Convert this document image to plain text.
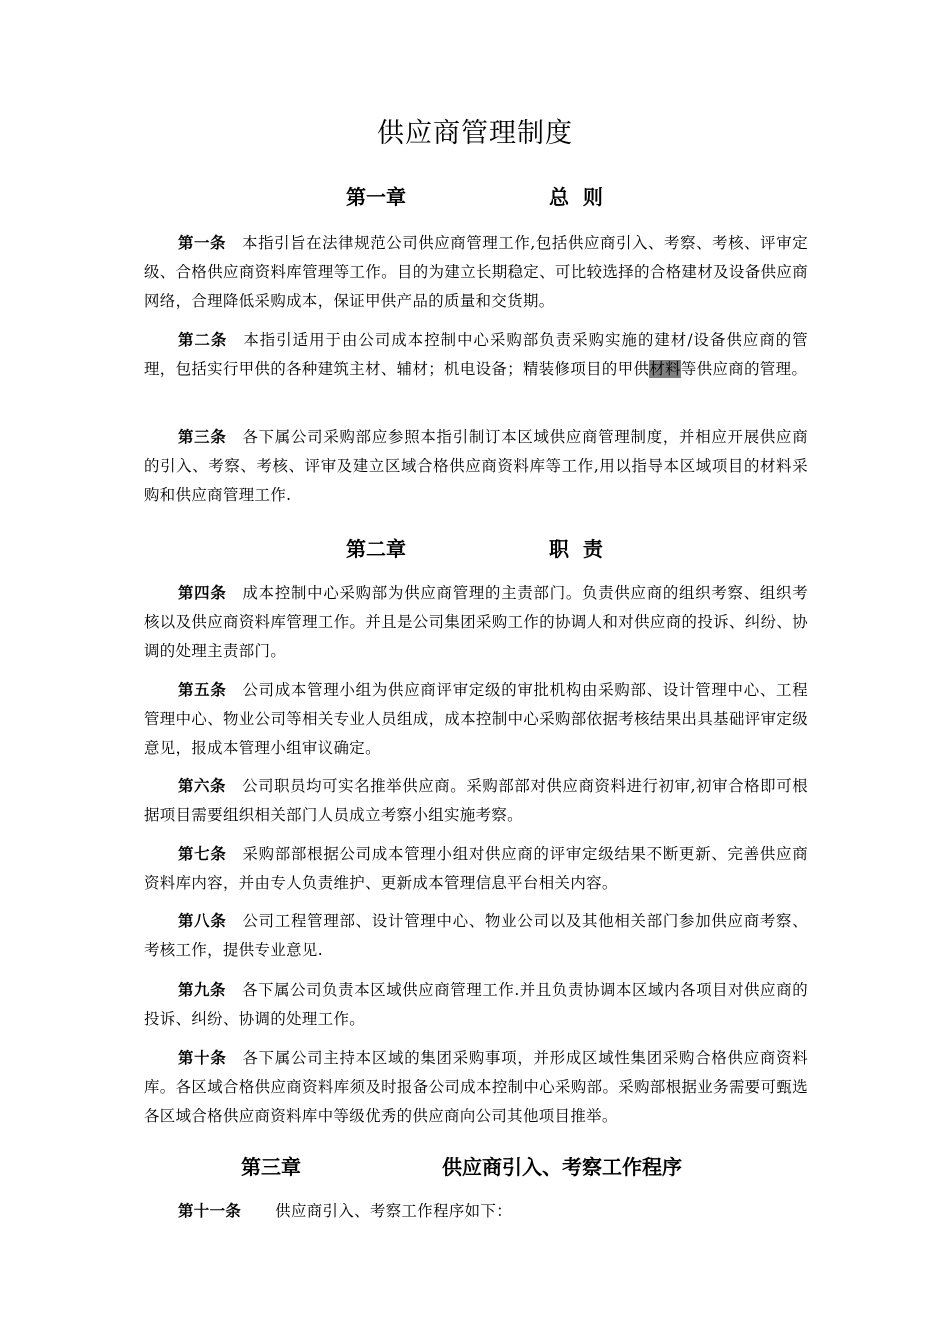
供应商管理制度
第一章	总  则

第一条 本指引旨在法律规范公司供应商管理工作,包括供应商引入、考察、考核、评审定级、合格供应商资料库管理等工作。目的为建立长期稳定、可比较选择的合格建材及设备供应商网络，合理降低采购成本，保证甲供产品的质量和交货期。

第二条 本指引适用于由公司成本控制中心采购部负责采购实施的建材/设备供应商的管理，包括实行甲供的各种建筑主材、辅材；机电设备；精装修项目的甲供材料等供应商的管理。

第三条 各下属公司采购部应参照本指引制订本区域供应商管理制度，并相应开展供应商的引入、考察、考核、评审及建立区域合格供应商资料库等工作,用以指导本区域项目的材料采购和供应商管理工作.

第二章	职  责

第四条 成本控制中心采购部为供应商管理的主责部门。负责供应商的组织考察、组织考核以及供应商资料库管理工作。并且是公司集团采购工作的协调人和对供应商的投诉、纠纷、协调的处理主责部门。

第五条 公司成本管理小组为供应商评审定级的审批机构由采购部、设计管理中心、工程管理中心、物业公司等相关专业人员组成，成本控制中心采购部依据考核结果出具基础评审定级意见，报成本管理小组审议确定。

第六条 公司职员均可实名推举供应商。采购部部对供应商资料进行初审,初审合格即可根据项目需要组织相关部门人员成立考察小组实施考察。

第七条 采购部部根据公司成本管理小组对供应商的评审定级结果不断更新、完善供应商资料库内容，并由专人负责维护、更新成本管理信息平台相关内容。

第八条 公司工程管理部、设计管理中心、物业公司以及其他相关部门参加供应商考察、考核工作，提供专业意见.

第九条 各下属公司负责本区域供应商管理工作.并且负责协调本区域内各项目对供应商的投诉、纠纷、协调的处理工作。

第十条 各下属公司主持本区域的集团采购事项，并形成区域性集团采购合格供应商资料库。各区域合格供应商资料库须及时报备公司成本控制中心采购部。采购部根据业务需要可甄选各区域合格供应商资料库中等级优秀的供应商向公司其他项目推举。

第三章	供应商引入、考察工作程序

第十一条 供应商引入、考察工作程序如下：
